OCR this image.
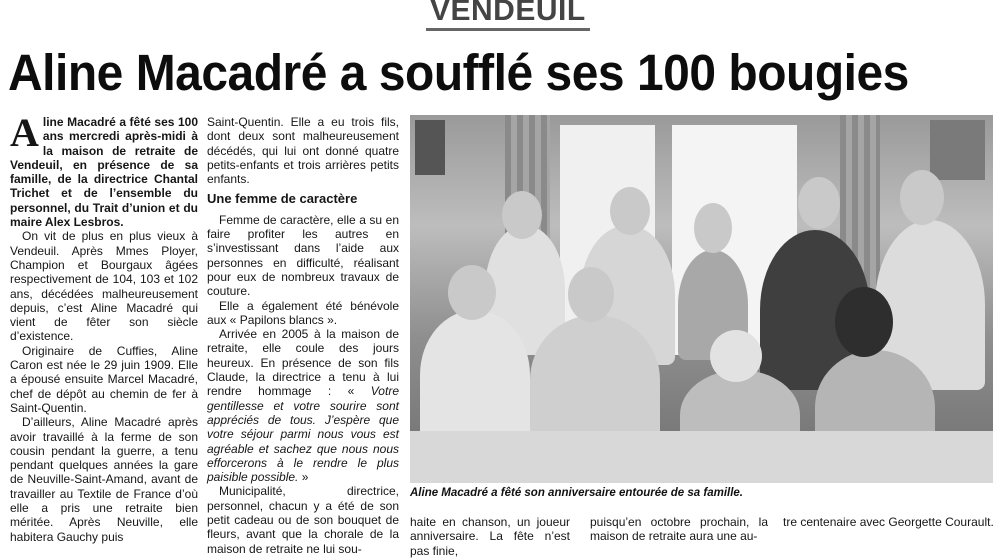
VENDEUIL
Aline Macadré a soufflé ses 100 bougies

Aline Macadré a fêté ses 100 ans mercredi après-midi à la maison de retraite de Vendeuil, en présence de sa famille, de la directrice Chantal Trichet et de l’ensemble du personnel, du Trait d’union et du maire Alex Lesbros.

On vit de plus en plus vieux à Vendeuil. Après Mmes Ployer, Champion et Bourgaux âgées respectivement de 104, 103 et 102 ans, décédées malheureusement depuis, c’est Aline Macadré qui vient de fêter son siècle d’existence.

Originaire de Cuffies, Aline Caron est née le 29 juin 1909. Elle a épousé ensuite Marcel Macadré, chef de dépôt au chemin de fer à Saint-Quentin.

D’ailleurs, Aline Macadré après avoir travaillé à la ferme de son cousin pendant la guerre, a tenu pendant quelques années la gare de Neuville-Saint-Amand, avant de travailler au Textile de France d’où elle a pris une retraite bien méritée. Après Neuville, elle habitera Gauchy puis

Saint-Quentin. Elle a eu trois fils, dont deux sont malheureusement décédés, qui lui ont donné quatre petits-enfants et trois arrières petits enfants.

Une femme de caractère

Femme de caractère, elle a su en faire profiter les autres en s’investissant dans l’aide aux personnes en difficulté, réalisant pour eux de nombreux travaux de couture.

Elle a également été bénévole aux « Papilons blancs ».

Arrivée en 2005 à la maison de retraite, elle coule des jours heureux. En présence de son fils Claude, la directrice a tenu à lui rendre hommage : « Votre gentillesse et votre sourire sont appréciés de tous. J’espère que votre séjour parmi nous vous est agréable et sachez que nous nous efforcerons à le rendre le plus paisible possible. »

Municipalité, directrice, personnel, chacun y a été de son petit cadeau ou de son bouquet de fleurs, avant que la chorale de la maison de retraite ne lui sou-

Aline Macadré a fêté son anniversaire entourée de sa famille.
haite en chanson, un joueur anniversaire. La fête n’est pas finie,
puisqu’en octobre prochain, la maison de retraite aura une au-
tre centenaire avec Georgette Courault.
